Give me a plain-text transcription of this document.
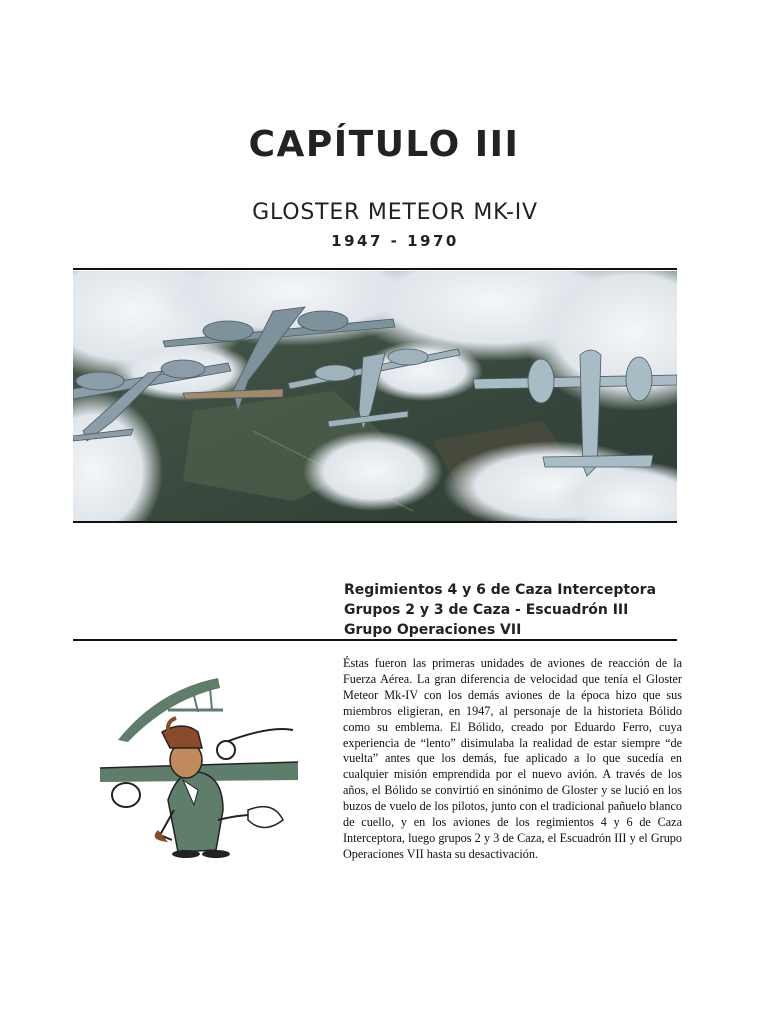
CAPÍTULO III
GLOSTER METEOR MK-IV
1947 - 1970
Regimientos 4 y 6 de Caza Interceptora
Grupos 2 y 3 de Caza - Escuadrón III
Grupo Operaciones VII
Éstas fueron las primeras unidades de aviones de reacción de la Fuerza Aérea. La gran diferencia de velocidad que tenía el Gloster Meteor Mk-IV con los demás aviones de la época hizo que sus miembros eligieran, en 1947, al personaje de la historieta Bólido como su emblema. El Bólido, creado por Eduardo Ferro, cuya experiencia de “lento” disimulaba la realidad de estar siempre “de vuelta” antes que los demás, fue aplicado a lo que sucedía en cualquier misión emprendida por el nuevo avión. A través de los años, el Bólido se convirtió en sinónimo de Gloster y se lució en los buzos de vuelo de los pilotos, junto con el tradicional pañuelo blanco de cuello, y en los aviones de los regimientos 4 y 6 de Caza Interceptora, luego grupos 2 y 3 de Caza, el Escuadrón III y el Grupo Operaciones VII hasta su desactivación.
